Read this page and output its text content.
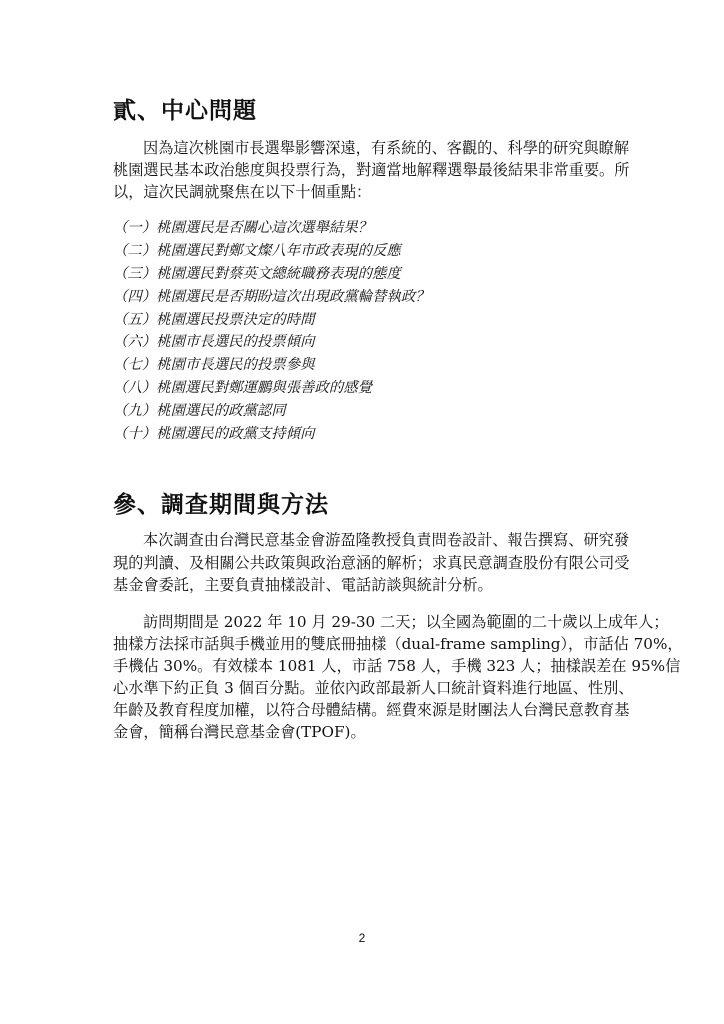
貳、中心問題

因為這次桃園市長選舉影響深遠，有系統的、客觀的、科學的研究與瞭解

桃園選民基本政治態度與投票行為，對適當地解釋選舉最後結果非常重要。所

以，這次民調就聚焦在以下十個重點：

（一）桃園選民是否關心這次選舉結果？
（二）桃園選民對鄭文燦八年市政表現的反應
（三）桃園選民對蔡英文總統職務表現的態度
（四）桃園選民是否期盼這次出現政黨輪替執政？
（五）桃園選民投票決定的時間
（六）桃園市長選民的投票傾向
（七）桃園市長選民的投票參與
（八）桃園選民對鄭運鵬與張善政的感覺
（九）桃園選民的政黨認同
（十）桃園選民的政黨支持傾向
參、調查期間與方法

本次調查由台灣民意基金會游盈隆教授負責問卷設計、報告撰寫、研究發

現的判讀、及相關公共政策與政治意涵的解析；求真民意調查股份有限公司受

基金會委託，主要負責抽樣設計、電話訪談與統計分析。

訪問期間是 2022 年 10 月 29-30 二天；以全國為範圍的二十歲以上成年人；

抽樣方法採市話與手機並用的雙底冊抽樣（dual-frame sampling），市話佔 70%，

手機佔 30%。有效樣本 1081 人，市話 758 人，手機 323 人；抽樣誤差在 95%信

心水準下約正負 3 個百分點。並依內政部最新人口統計資料進行地區、性別、

年齡及教育程度加權，以符合母體結構。經費來源是財團法人台灣民意教育基

金會，簡稱台灣民意基金會(TPOF)。

2
